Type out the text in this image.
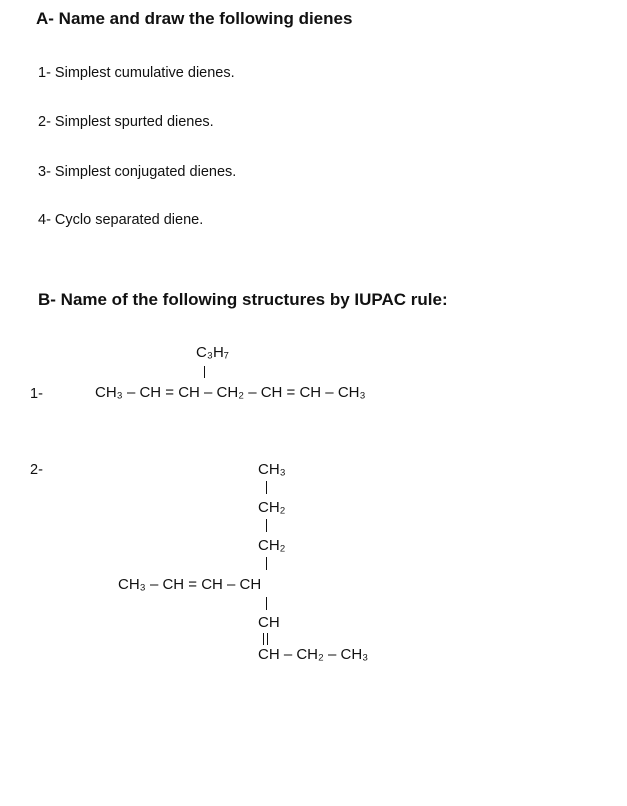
A- Name and draw the following dienes
1- Simplest cumulative dienes.
2- Simplest spurted dienes.
3- Simplest conjugated dienes.
4- Cyclo separated diene.
B- Name of the following structures by IUPAC rule:
1-
C₃H₇
CH₃ – CH = CH – CH₂ – CH = CH – CH₃
2-	CH₃
CH₂
CH₂
CH₃ – CH = CH – CH
CH
CH – CH₂ – CH₃
